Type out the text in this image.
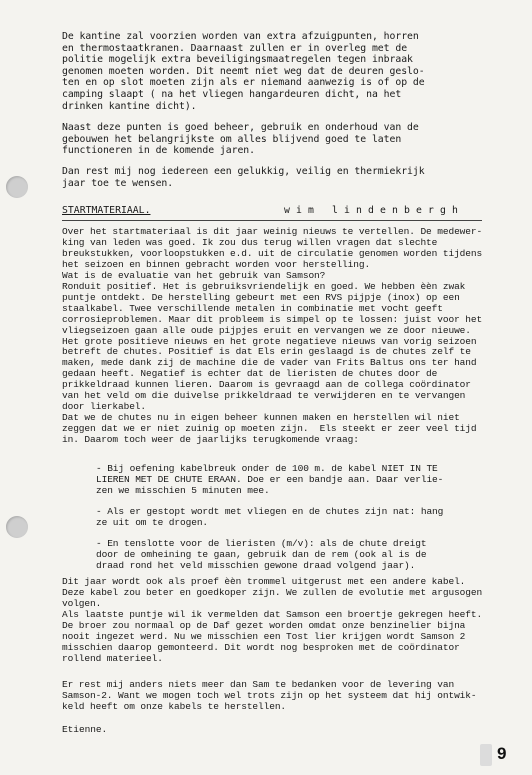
De kantine zal voorzien worden van extra afzuigpunten, horren
en thermostaatkranen. Daarnaast zullen er in overleg met de
politie mogelijk extra beveiligingsmaatregelen tegen inbraak
genomen moeten worden. Dit neemt niet weg dat de deuren geslo-
ten en op slot moeten zijn als er niemand aanwezig is of op de
camping slaapt ( na het vliegen hangardeuren dicht, na het
drinken kantine dicht).
Naast deze punten is goed beheer, gebruik en onderhoud van de
gebouwen het belangrijkste om alles blijvend goed te laten
functioneren in de komende jaren.
Dan rest mij nog iedereen een gelukkig, veilig en thermiekrijk
jaar toe te wensen.
STARTMATERIAAL.	wim lindenbergh
Over het startmateriaal is dit jaar weinig nieuws te vertellen. De medewer-
king van leden was goed. Ik zou dus terug willen vragen dat slechte
breukstukken, voorloopstukken e.d. uit de circulatie genomen worden tijdens
het seizoen en binnen gebracht worden voor herstelling.
Wat is de evaluatie van het gebruik van Samson?
Ronduit positief. Het is gebruiksvriendelijk en goed. We hebben èèn zwak
puntje ontdekt. De herstelling gebeurt met een RVS pijpje (inox) op een
staalkabel. Twee verschillende metalen in combinatie met vocht geeft
corrosieproblemen. Maar dit probleem is simpel op te lossen: juist voor het
vliegseizoen gaan alle oude pijpjes eruit en vervangen we ze door nieuwe.
Het grote positieve nieuws en het grote negatieve nieuws van vorig seizoen
betreft de chutes. Positief is dat Els erin geslaagd is de chutes zelf te
maken, mede dank zij de machine die de vader van Frits Baltus ons ter hand
gedaan heeft. Negatief is echter dat de lieristen de chutes door de
prikkeldraad kunnen lieren. Daarom is gevraagd aan de collega coördinator
van het veld om die duivelse prikkeldraad te verwijderen en te vervangen
door lierkabel.
Dat we de chutes nu in eigen beheer kunnen maken en herstellen wil niet
zeggen dat we er niet zuinig op moeten zijn.  Els steekt er zeer veel tijd
in. Daarom toch weer de jaarlijks terugkomende vraag:
- Bij oefening kabelbreuk onder de 100 m. de kabel NIET IN TE
LIEREN MET DE CHUTE ERAAN. Doe er een bandje aan. Daar verlie-
zen we misschien 5 minuten mee.
- Als er gestopt wordt met vliegen en de chutes zijn nat: hang
ze uit om te drogen.
- En tenslotte voor de lieristen (m/v): als de chute dreigt
door de omheining te gaan, gebruik dan de rem (ook al is de
draad rond het veld misschien gewone draad volgend jaar).
Dit jaar wordt ook als proef èèn trommel uitgerust met een andere kabel.
Deze kabel zou beter en goedkoper zijn. We zullen de evolutie met argusogen
volgen.
Als laatste puntje wil ik vermelden dat Samson een broertje gekregen heeft.
De broer zou normaal op de Daf gezet worden omdat onze benzinelier bijna
nooit ingezet werd. Nu we misschien een Tost lier krijgen wordt Samson 2
misschien daarop gemonteerd. Dit wordt nog besproken met de coördinator
rollend materieel.
Er rest mij anders niets meer dan Sam te bedanken voor de levering van
Samson-2. Want we mogen toch wel trots zijn op het systeem dat hij ontwik-
keld heeft om onze kabels te herstellen.
Etienne.
9
